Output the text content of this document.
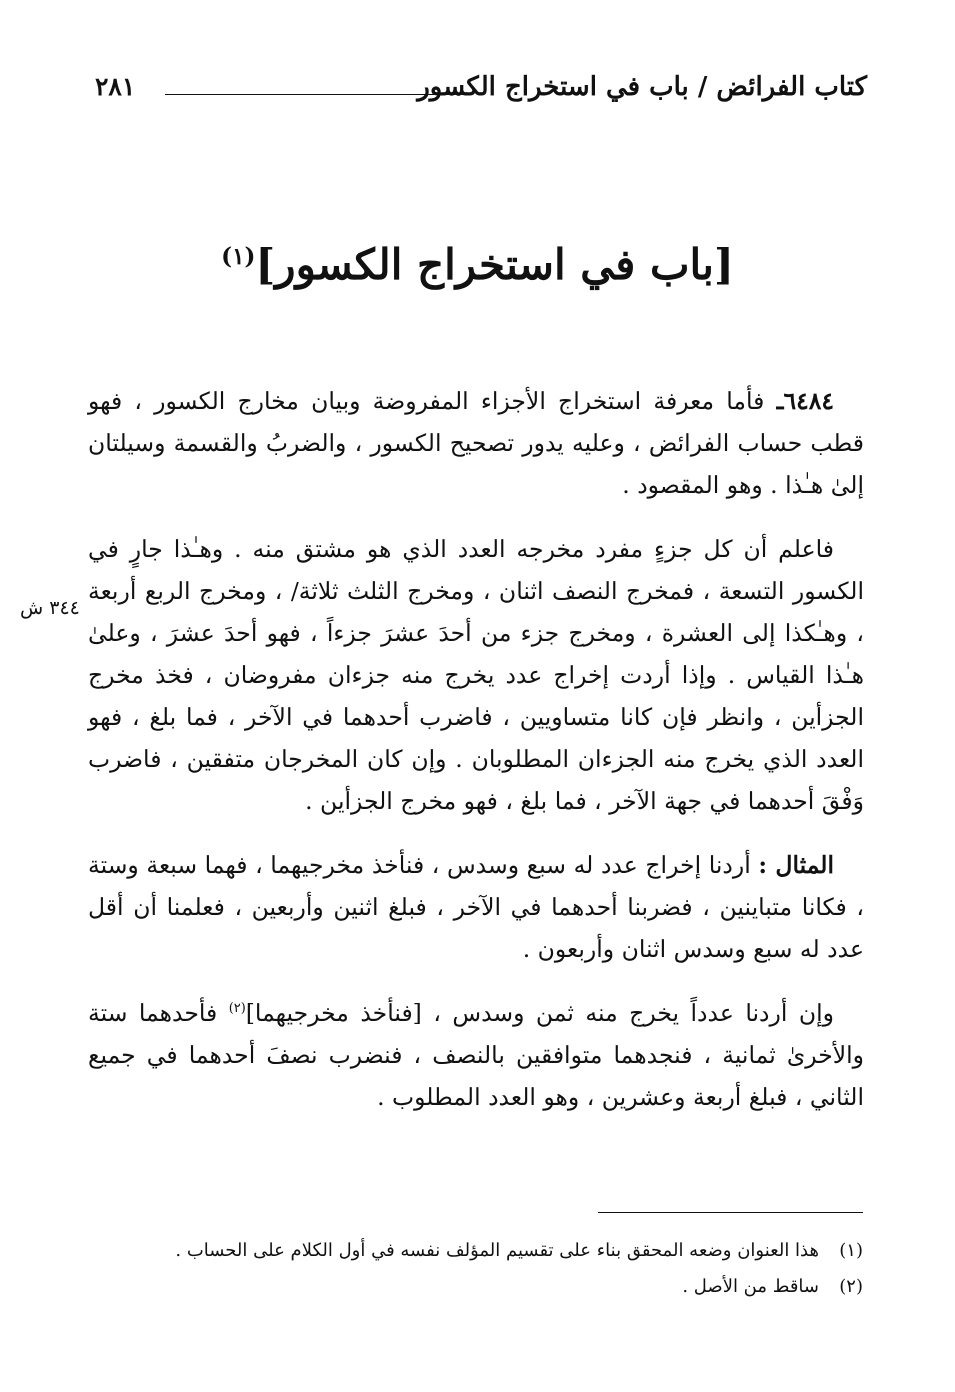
كتاب الفرائض / باب في استخراج الكسور
٢٨١
[باب في استخراج الكسور]$^{(١)}$
٣٤٤ ش

٦٤٨٤ـ فأما معرفة استخراج الأجزاء المفروضة وبيان مخارج الكسور ، فهو قطب حساب الفرائض ، وعليه يدور تصحيح الكسور ، والضربُ والقسمة وسيلتان إلىٰ هـٰذا . وهو المقصود .

فاعلم أن كل جزءٍ مفرد مخرجه العدد الذي هو مشتق منه . وهـٰذا جارٍ في الكسور التسعة ، فمخرج النصف اثنان ، ومخرج الثلث ثلاثة/ ، ومخرج الربع أربعة ، وهـٰكذا إلى العشرة ، ومخرج جزء من أحدَ عشرَ جزءاً ، فهو أحدَ عشرَ ، وعلىٰ هـٰذا القياس . وإذا أردت إخراج عدد يخرج منه جزءان مفروضان ، فخذ مخرج الجزأين ، وانظر فإن كانا متساويين ، فاضرب أحدهما في الآخر ، فما بلغ ، فهو العدد الذي يخرج منه الجزءان المطلوبان . وإن كان المخرجان متفقين ، فاضرب وَفْقَ أحدهما في جهة الآخر ، فما بلغ ، فهو مخرج الجزأين .

المثال : أردنا إخراج عدد له سبع وسدس ، فنأخذ مخرجيهما ، فهما سبعة وستة ، فكانا متباينين ، فضربنا أحدهما في الآخر ، فبلغ اثنين وأربعين ، فعلمنا أن أقل عدد له سبع وسدس اثنان وأربعون .

وإن أردنا عدداً يخرج منه ثمن وسدس ، [فنأخذ مخرجيهما]$^{(٢)}$ فأحدهما ستة والأخرىٰ ثمانية ، فنجدهما متوافقين بالنصف ، فنضرب نصفَ أحدهما في جميع الثاني ، فبلغ أربعة وعشرين ، وهو العدد المطلوب .

(١)هذا العنوان وضعه المحقق بناء على تقسيم المؤلف نفسه في أول الكلام على الحساب .
(٢)ساقط من الأصل .
